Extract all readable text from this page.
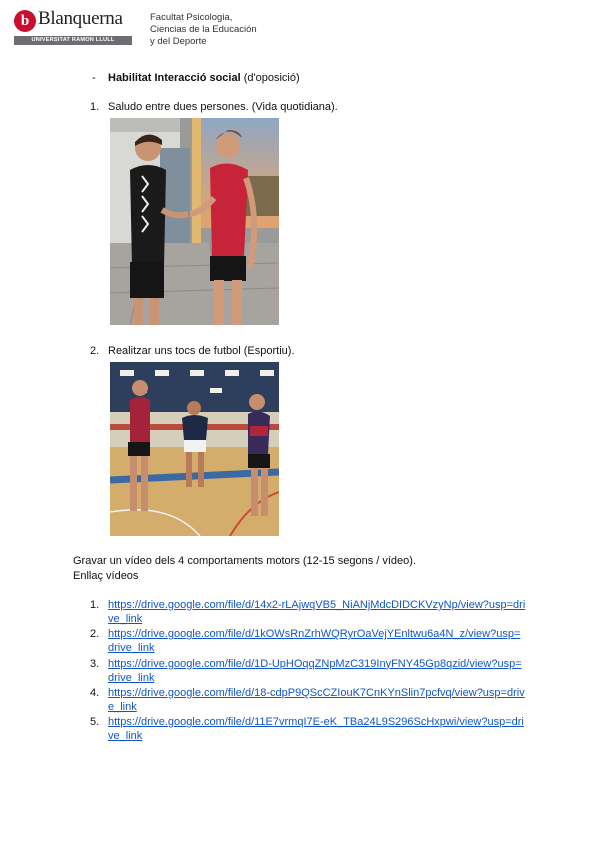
b Blanquerna
UNIVERSITAT RAMON LLULL
Facultat Psicologia,
Ciencias de la Educación
y del Deporte
- Habilitat Interacció social (d'oposició)
1. Saludo entre dues persones. (Vida quotidiana).
2. Realitzar uns tocs de futbol (Esportiu).
Gravar un vídeo dels 4 comportaments motors (12-15 segons / vídeo).
Enllaç vídeos
1. https://drive.google.com/file/d/14x2-rLAjwqVB5_NiANjMdcDIDCKVzyNp/view?usp=drive_link
2. https://drive.google.com/file/d/1kOWsRnZrhWQRyrOaVejYEnltwu6a4N_z/view?usp=drive_link
3. https://drive.google.com/file/d/1D-UpHOqqZNpMzC319InyFNY45Gp8qzid/view?usp=drive_link
4. https://drive.google.com/file/d/18-cdpP9QScCZIouK7CnKYnSlin7pcfvq/view?usp=drive_link
5. https://drive.google.com/file/d/11E7vrmqI7E-eK_TBa24L9S296ScHxpwi/view?usp=drive_link
